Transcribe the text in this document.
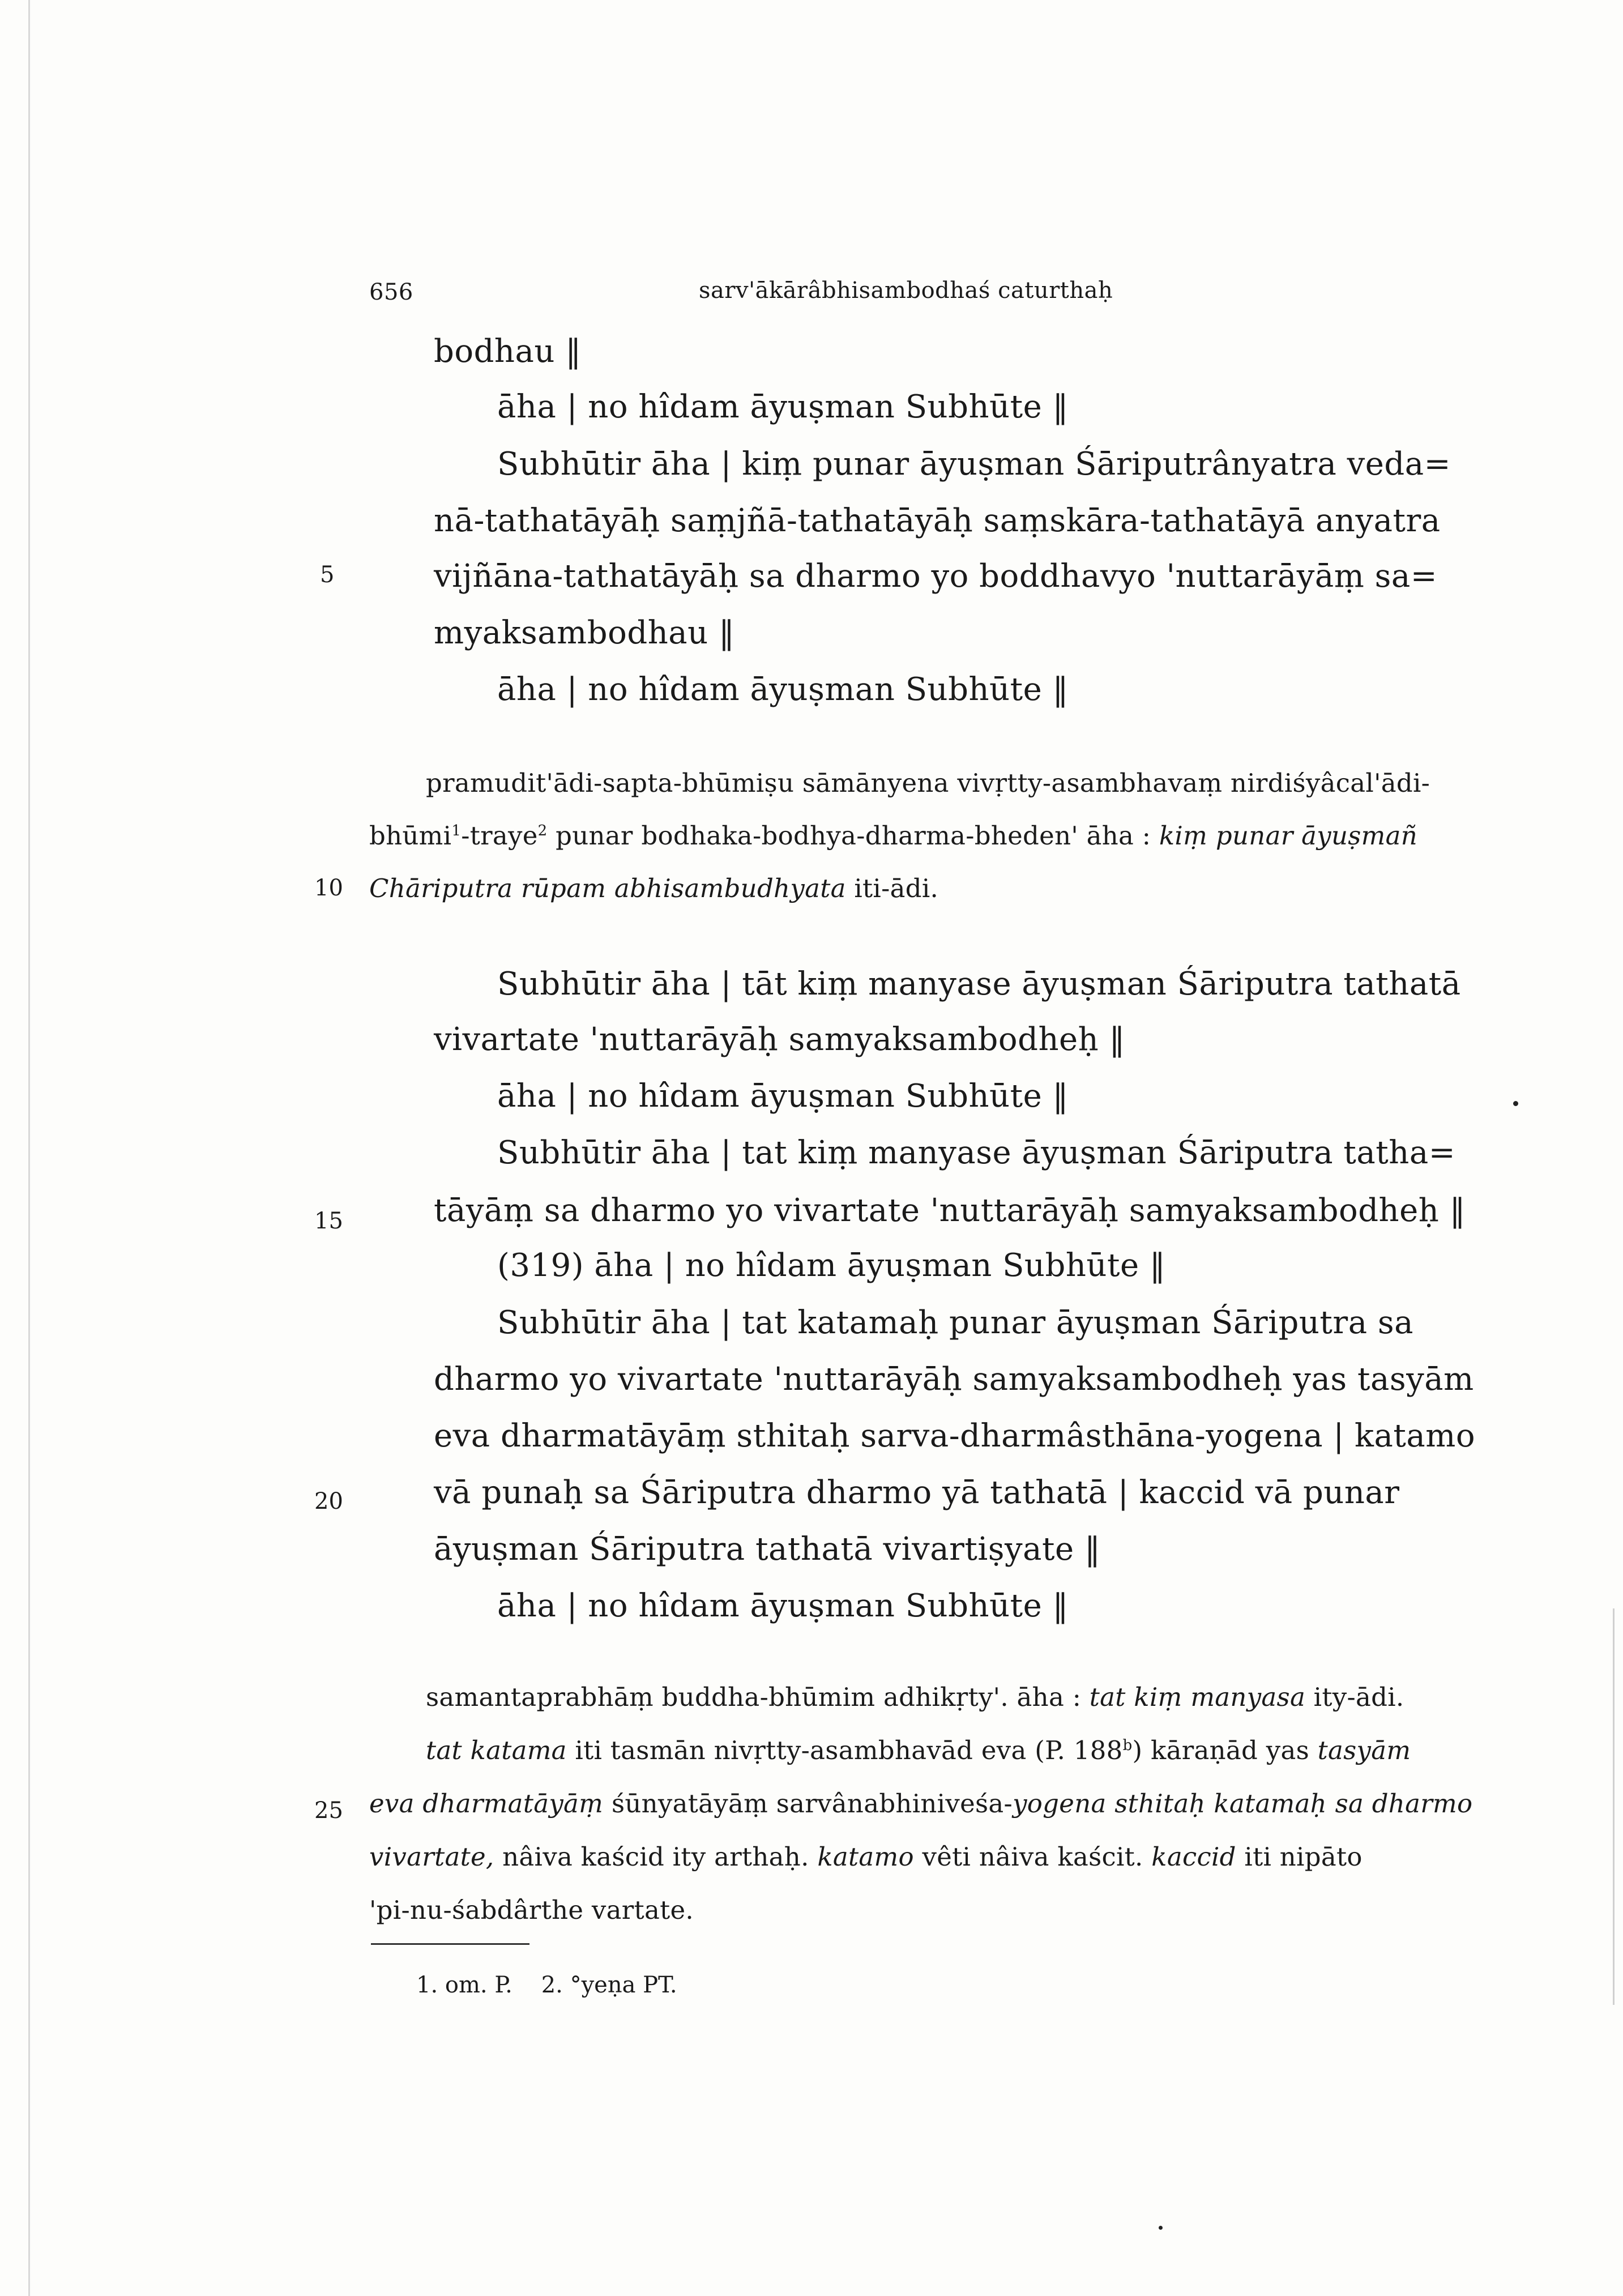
656	sarv'ākārâbhisambodhaś caturthaḥ
5
10
15
20
25
bodhau ‖
āha | no hîdam āyuṣman Subhūte ‖
Subhūtir āha | kiṃ punar āyuṣman Śāriputrânyatra veda=
nā-tathatāyāḥ saṃjñā-tathatāyāḥ saṃskāra-tathatāyā anyatra
vijñāna-tathatāyāḥ sa dharmo yo boddhavyo 'nuttarāyāṃ sa=
myaksambodhau ‖
āha | no hîdam āyuṣman Subhūte ‖
pramudit'ādi-sapta-bhūmiṣu sāmānyena vivṛtty-asambhavaṃ nirdiśyâcal'ādi-
bhūmi$^1$-traye$^2$ punar bodhaka-bodhya-dharma-bheden' āha : kiṃ punar āyuṣmañ
Chāriputra rūpam abhisambudhyata iti-ādi.
Subhūtir āha | tāt kiṃ manyase āyuṣman Śāriputra tathatā
vivartate 'nuttarāyāḥ samyaksambodheḥ ‖
āha | no hîdam āyuṣman Subhūte ‖
Subhūtir āha | tat kiṃ manyase āyuṣman Śāriputra tatha=
tāyāṃ sa dharmo yo vivartate 'nuttarāyāḥ samyaksambodheḥ ‖
(319) āha | no hîdam āyuṣman Subhūte ‖
Subhūtir āha | tat katamaḥ punar āyuṣman Śāriputra sa
dharmo yo vivartate 'nuttarāyāḥ samyaksambodheḥ yas tasyām
eva dharmatāyāṃ sthitaḥ sarva-dharmâsthāna-yogena | katamo
vā punaḥ sa Śāriputra dharmo yā tathatā | kaccid vā punar
āyuṣman Śāriputra tathatā vivartiṣyate ‖
āha | no hîdam āyuṣman Subhūte ‖
samantaprabhāṃ buddha-bhūmim adhikṛty'. āha : tat kiṃ manyasa ity-ādi.
tat katama iti tasmān nivṛtty-asambhavād eva (P. 188$^b$) kāraṇād yas tasyām
eva dharmatāyāṃ śūnyatāyāṃ sarvânabhiniveśa-yogena sthitaḥ katamaḥ sa dharmo
vivartate, nâiva kaścid ity arthaḥ. katamo vêti nâiva kaścit. kaccid iti nipāto
'pi-nu-śabdârthe vartate.
1. om. P.    2. °yeṇa PT.
